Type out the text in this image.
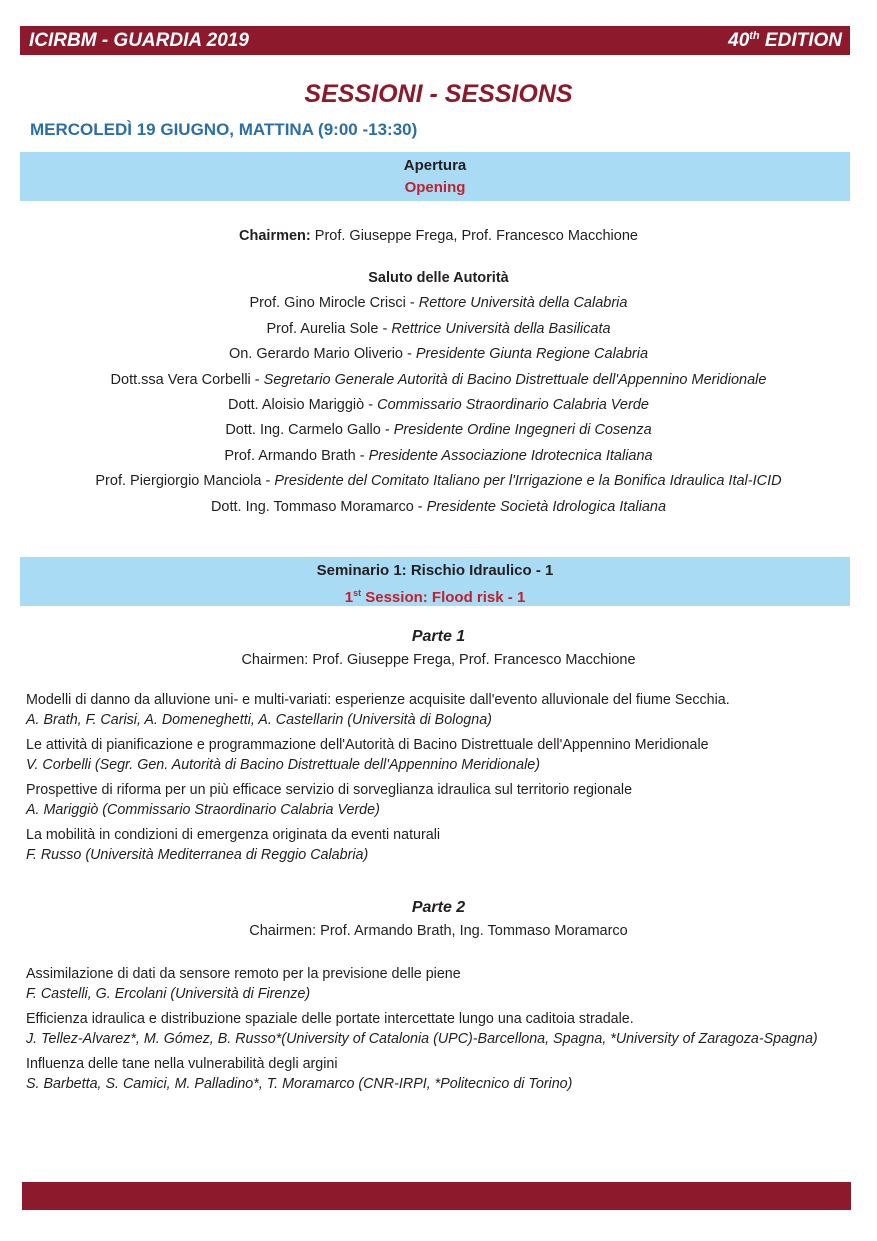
ICIRBM - GUARDIA 2019	40th EDITION
SESSIONI - SESSIONS
MERCOLEDÌ 19 GIUGNO, MATTINA (9:00 -13:30)
Apertura
Opening
Chairmen: Prof. Giuseppe Frega, Prof. Francesco Macchione
Saluto delle Autorità
Prof. Gino Mirocle Crisci - Rettore Università della Calabria
Prof. Aurelia Sole - Rettrice Università della Basilicata
On. Gerardo Mario Oliverio - Presidente Giunta Regione Calabria
Dott.ssa Vera Corbelli - Segretario Generale Autorità di Bacino Distrettuale dell'Appennino Meridionale
Dott. Aloisio Mariggiò - Commissario Straordinario Calabria Verde
Dott. Ing. Carmelo Gallo - Presidente Ordine Ingegneri di Cosenza
Prof. Armando Brath - Presidente Associazione Idrotecnica Italiana
Prof. Piergiorgio Manciola - Presidente del Comitato Italiano per l'Irrigazione e la Bonifica Idraulica Ital-ICID
Dott. Ing. Tommaso Moramarco - Presidente Società Idrologica Italiana
Seminario 1: Rischio Idraulico - 1
1st Session: Flood risk - 1
Parte 1
Chairmen: Prof. Giuseppe Frega, Prof. Francesco Macchione
Modelli di danno da alluvione uni- e multi-variati: esperienze acquisite dall'evento alluvionale del fiume Secchia.
A. Brath, F. Carisi, A. Domeneghetti, A. Castellarin (Università di Bologna)
Le attività di pianificazione e programmazione dell'Autorità di Bacino Distrettuale dell'Appennino Meridionale
V. Corbelli (Segr. Gen. Autorità di Bacino Distrettuale dell'Appennino Meridionale)
Prospettive di riforma per un più efficace servizio di sorveglianza idraulica sul territorio regionale
A. Mariggiò (Commissario Straordinario Calabria Verde)
La mobilità in condizioni di emergenza originata da eventi naturali
F. Russo (Università Mediterranea di Reggio Calabria)
Parte 2
Chairmen: Prof. Armando Brath, Ing. Tommaso Moramarco
Assimilazione di dati da sensore remoto per la previsione delle piene
F. Castelli, G. Ercolani (Università di Firenze)
Efficienza idraulica e distribuzione spaziale delle portate intercettate lungo una caditoia stradale.
J. Tellez-Alvarez*, M. Gómez, B. Russo*(University of Catalonia (UPC)-Barcellona, Spagna, *University of Zaragoza-Spagna)
Influenza delle tane nella vulnerabilità degli argini
S. Barbetta, S. Camici, M. Palladino*, T. Moramarco (CNR-IRPI, *Politecnico di Torino)
